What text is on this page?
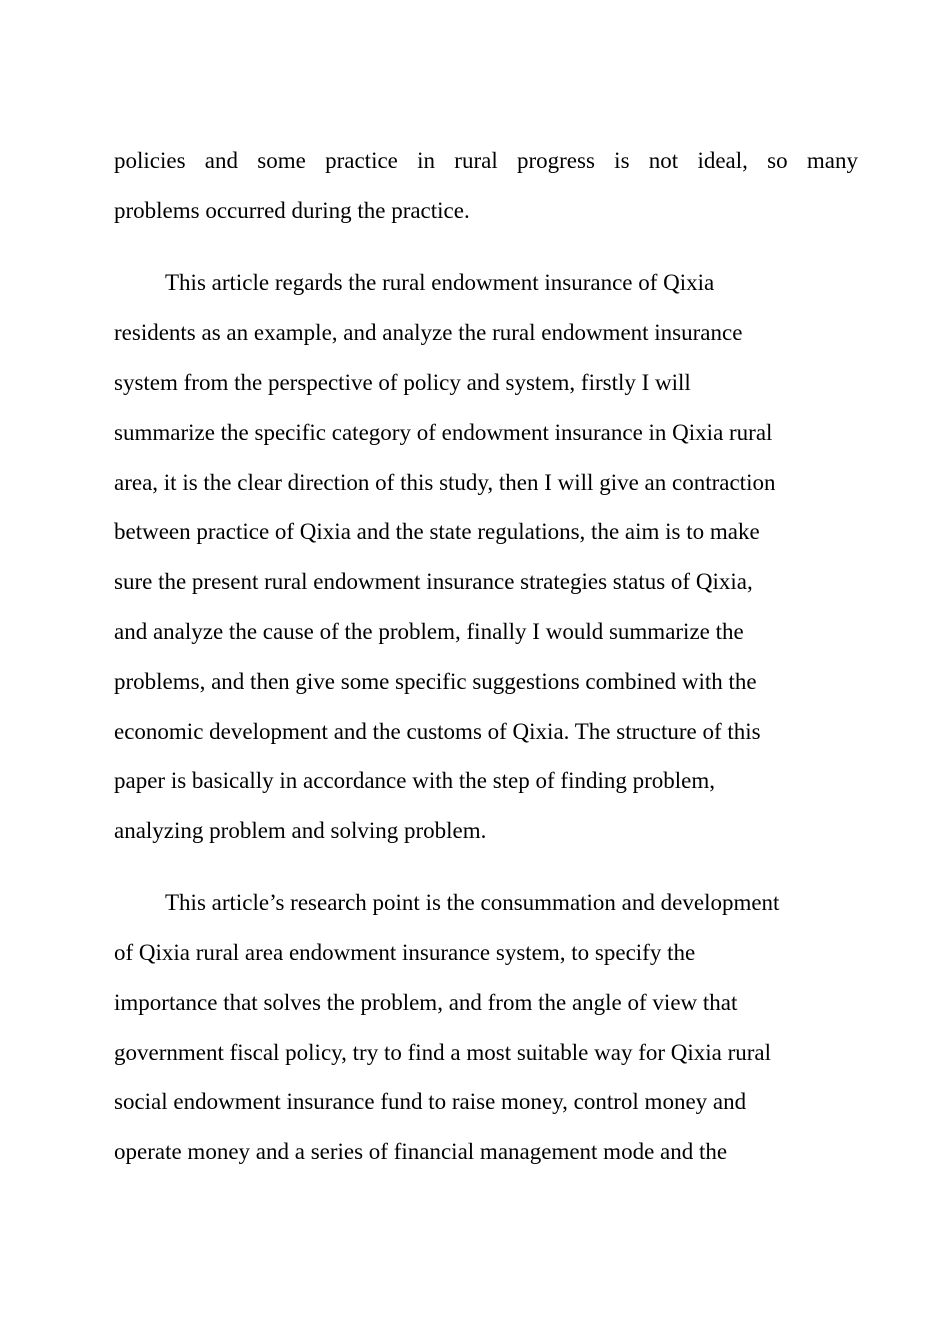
policies and some practice in rural progress is not ideal, so many
problems occurred during the practice.
This article regards the rural endowment insurance of Qixia
residents as an example, and analyze the rural endowment insurance
system from the perspective of policy and system, firstly I will
summarize the specific category of endowment insurance in Qixia rural
area, it is the clear direction of this study, then I will give an contraction
between practice of Qixia and the state regulations, the aim is to make
sure the present rural endowment insurance strategies status of Qixia,
and analyze the cause of the problem, finally I would summarize the
problems, and then give some specific suggestions combined with the
economic development and the customs of Qixia. The structure of this
paper is basically in accordance with the step of finding problem,
analyzing problem and solving problem.
This article’s research point is the consummation and development
of Qixia rural area endowment insurance system, to specify the
importance that solves the problem, and from the angle of view that
government fiscal policy, try to find a most suitable way for Qixia rural
social endowment insurance fund to raise money, control money and
operate money and a series of financial management mode and the
